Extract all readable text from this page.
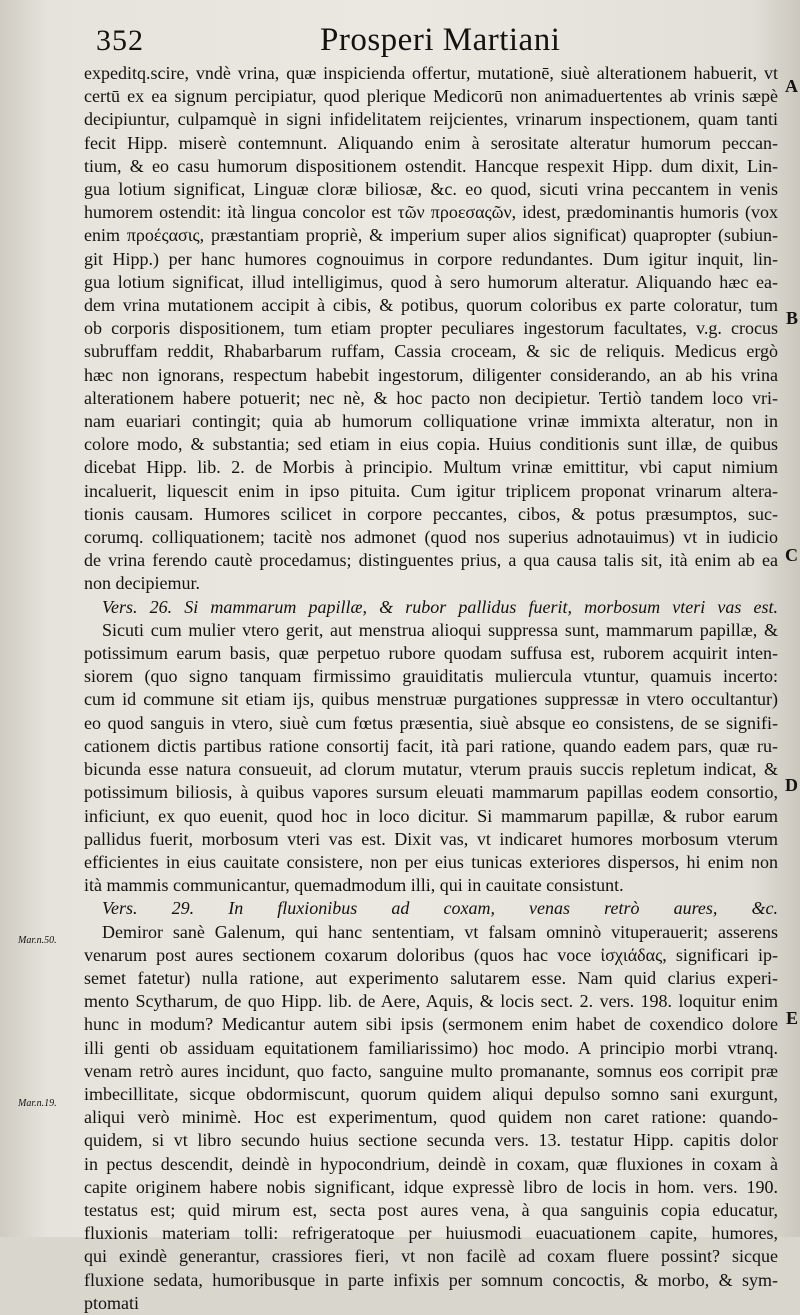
352	Prosperi Martiani
A
B
C
D
E
Mar.n.50.
Mar.n.19.
expeditq.scire, vndè vrina, quæ inspicienda offertur, mutationē, siuè alterationem habuerit, vt
certū ex ea signum percipiatur, quod plerique Medicorū non animaduertentes ab vrinis sæpè
decipiuntur, culpamquè in signi infidelitatem reijcientes, vrinarum inspectionem, quam tanti
fecit Hipp. miserè contemnunt. Aliquando enim à serositate alteratur humorum peccan-
tium, & eo casu humorum dispositionem ostendit. Hancque respexit Hipp. dum dixit, Lin-
gua lotium significat, Linguæ cloræ biliosæ, &c. eo quod, sicuti vrina peccantem in venis
humorem ostendit: ità lingua concolor est τῶν προεσαςῶν, idest, prædominantis humoris (vox
enim προέςασις, præstantiam propriè, & imperium super alios significat) quapropter (subiun-
git Hipp.) per hanc humores cognouimus in corpore redundantes. Dum igitur inquit, lin-
gua lotium significat, illud intelligimus, quod à sero humorum alteratur. Aliquando hæc ea-
dem vrina mutationem accipit à cibis, & potibus, quorum coloribus ex parte coloratur, tum
ob corporis dispositionem, tum etiam propter peculiares ingestorum facultates, v.g. crocus
subruffam reddit, Rhabarbarum ruffam, Cassia croceam, & sic de reliquis. Medicus ergò
hæc non ignorans, respectum habebit ingestorum, diligenter considerando, an ab his vrina
alterationem habere potuerit; nec nè, & hoc pacto non decipietur. Tertiò tandem loco vri-
nam euariari contingit; quia ab humorum colliquatione vrinæ immixta alteratur, non in
colore modo, & substantia; sed etiam in eius copia. Huius conditionis sunt illæ, de quibus
dicebat Hipp. lib. 2. de Morbis à principio. Multum vrinæ emittitur, vbi caput nimium
incaluerit, liquescit enim in ipso pituita. Cum igitur triplicem proponat vrinarum altera-
tionis causam. Humores scilicet in corpore peccantes, cibos, & potus præsumptos, suc-
corumq. colliquationem; tacitè nos admonet (quod nos superius adnotauimus) vt in iudicio
de vrina ferendo cautè procedamus; distinguentes prius, a qua causa talis sit, ità enim ab ea
non decipiemur.
Vers. 26. Si mammarum papillæ, & rubor pallidus fuerit, morbosum vteri vas est.
Sicuti cum mulier vtero gerit, aut menstrua alioqui suppressa sunt, mammarum papillæ, &
potissimum earum basis, quæ perpetuo rubore quodam suffusa est, ruborem acquirit inten-
siorem (quo signo tanquam firmissimo grauiditatis muliercula vtuntur, quamuis incerto:
cum id commune sit etiam ijs, quibus menstruæ purgationes suppressæ in vtero occultantur)
eo quod sanguis in vtero, siuè cum fœtus præsentia, siuè absque eo consistens, de se signifi-
cationem dictis partibus ratione consortij facit, ità pari ratione, quando eadem pars, quæ ru-
bicunda esse natura consueuit, ad clorum mutatur, vterum prauis succis repletum indicat, &
potissimum biliosis, à quibus vapores sursum eleuati mammarum papillas eodem consortio,
inficiunt, ex quo euenit, quod hoc in loco dicitur. Si mammarum papillæ, & rubor earum
pallidus fuerit, morbosum vteri vas est. Dixit vas, vt indicaret humores morbosum vterum
efficientes in eius cauitate consistere, non per eius tunicas exteriores dispersos, hi enim non
ità mammis communicantur, quemadmodum illi, qui in cauitate consistunt.
Vers. 29. In fluxionibus ad coxam, venas retrò aures, &c.
Demiror sanè Galenum, qui hanc sententiam, vt falsam omninò vituperauerit; asserens
venarum post aures sectionem coxarum doloribus (quos hac voce ἰσχιάδας, significari ip-
semet fatetur) nulla ratione, aut experimento salutarem esse. Nam quid clarius experi-
mento Scytharum, de quo Hipp. lib. de Aere, Aquis, & locis sect. 2. vers. 198. loquitur enim
hunc in modum? Medicantur autem sibi ipsis (sermonem enim habet de coxendico dolore
illi genti ob assiduam equitationem familiarissimo) hoc modo. A principio morbi vtranq.
venam retrò aures incidunt, quo facto, sanguine multo promanante, somnus eos corripit præ
imbecillitate, sicque obdormiscunt, quorum quidem aliqui depulso somno sani exurgunt,
aliqui verò minimè. Hoc est experimentum, quod quidem non caret ratione: quando-
quidem, si vt libro secundo huius sectione secunda vers. 13. testatur Hipp. capitis dolor
in pectus descendit, deindè in hypocondrium, deindè in coxam, quæ fluxiones in coxam à
capite originem habere nobis significant, idque expressè libro de locis in hom. vers. 190.
testatus est; quid mirum est, secta post aures vena, à qua sanguinis copia educatur,
fluxionis materiam tolli: refrigeratoque per huiusmodi euacuationem capite, humores,
qui exindè generantur, crassiores fieri, vt non facilè ad coxam fluere possint? sicque
fluxione sedata, humoribusque in parte infixis per somnum concoctis, & morbo, & sym-
ptomati
